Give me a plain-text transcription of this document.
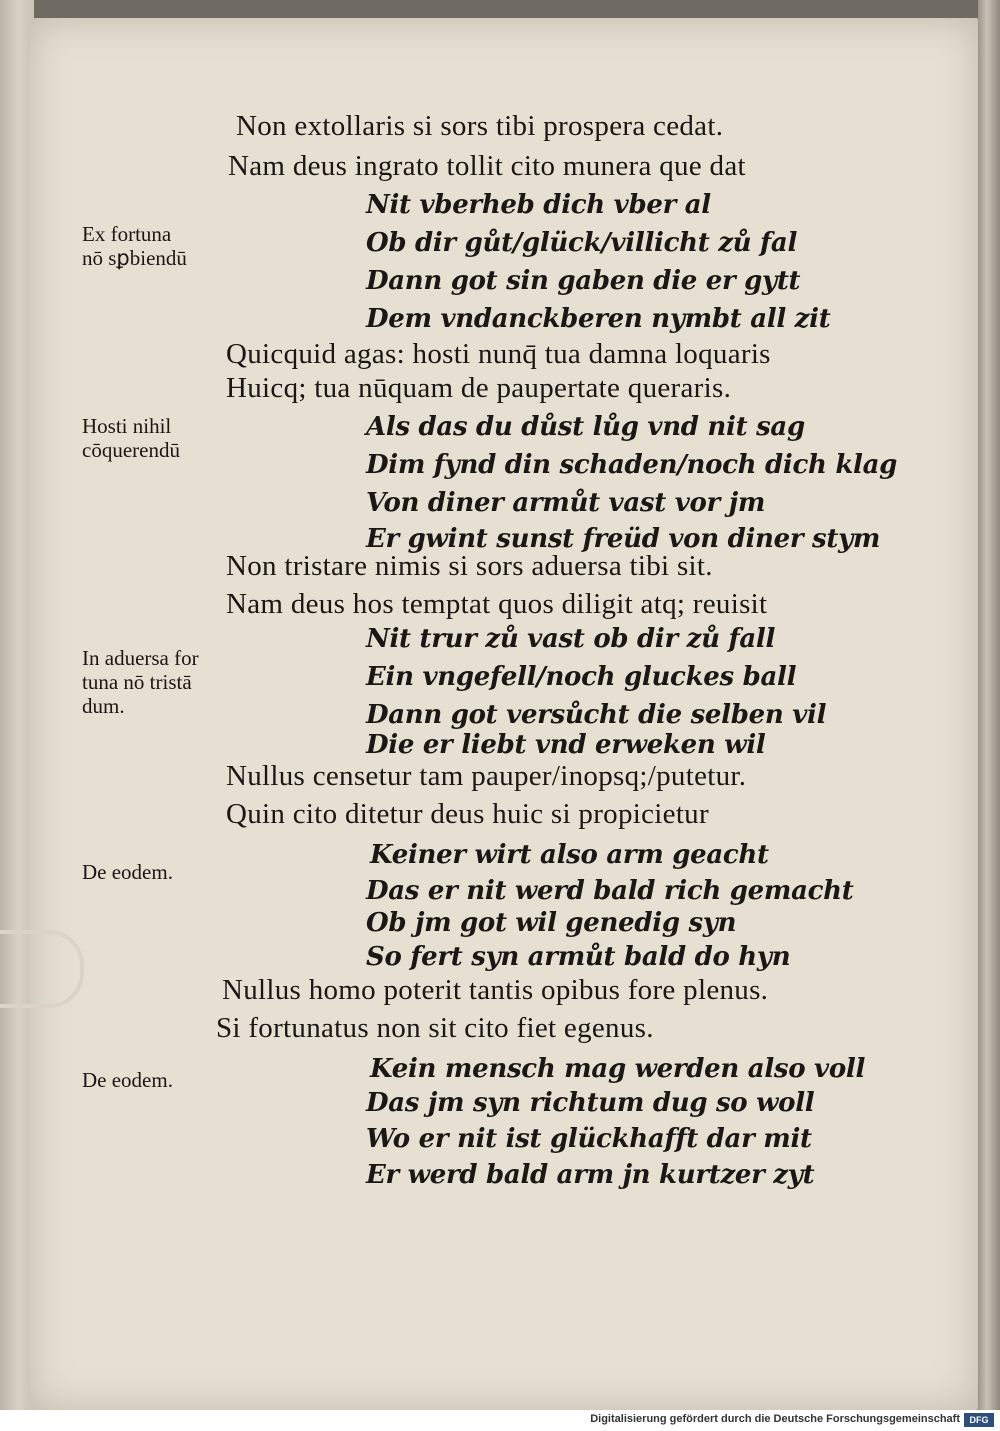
Non extollaris si sors tibi prospera cedat.
Nam deus ingrato tollit cito munera que dat
Nit vberheb dich vber al
Ob dir gůt/glück/villicht zů fal
Dann got sin gaben die er gytt
Dem vndanckberen nymbt all zit
Quicquid agas: hosti nunq̄ tua damna loquaris
Huicq; tua nūquam de paupertate queraris.
Als das du důst lůg vnd nit sag
Dim fynd din schaden/noch dich klag
Von diner armůt vast vor jm
Er gwint sunst freüd von diner stym
Non tristare nimis si sors aduersa tibi sit.
Nam deus hos temptat quos diligit atq; reuisit
Nit trur zů vast ob dir zů fall
Ein vngefell/noch gluckes ball
Dann got versůcht die selben vil
Die er liebt vnd erweken wil
Nullus censetur tam pauper/inopsq;/putetur.
Quin cito ditetur deus huic si propicietur
Keiner wirt also arm geacht
Das er nit werd bald rich gemacht
Ob jm got wil genedig syn
So fert syn armůt bald do hyn
Nullus homo poterit tantis opibus fore plenus.
Si fortunatus non sit cito fiet egenus.
Kein mensch mag werden also voll
Das jm syn richtum dug so woll
Wo er nit ist glückhafft dar mit
Er werd bald arm jn kurtzer zyt
Ex fortuna
nō sꝑbiendū
Hosti nihil
cōquerendū
In aduersa for
tuna nō tristā
dum.
De eodem.
De eodem.
Digitalisierung gefördert durch die Deutsche Forschungsgemeinschaft	DFG
